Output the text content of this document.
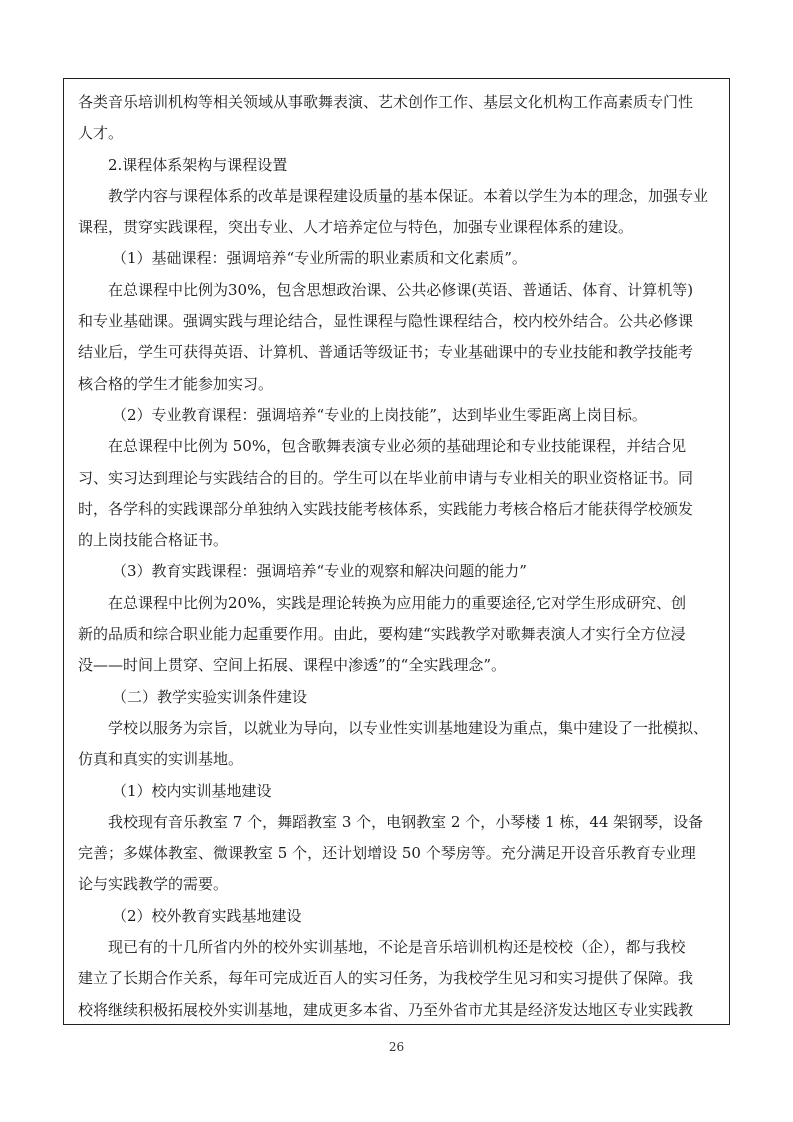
各类音乐培训机构等相关领域从事歌舞表演、艺术创作工作、基层文化机构工作高素质专门性
人才。
2.课程体系架构与课程设置
教学内容与课程体系的改革是课程建设质量的基本保证。本着以学生为本的理念，加强专业
课程，贯穿实践课程，突出专业、人才培养定位与特色，加强专业课程体系的建设。
（1）基础课程：强调培养“专业所需的职业素质和文化素质”。
在总课程中比例为30%，包含思想政治课、公共必修课(英语、普通话、体育、计算机等)
和专业基础课。强调实践与理论结合，显性课程与隐性课程结合，校内校外结合。公共必修课
结业后，学生可获得英语、计算机、普通话等级证书；专业基础课中的专业技能和教学技能考
核合格的学生才能参加实习。
（2）专业教育课程：强调培养“专业的上岗技能”，达到毕业生零距离上岗目标。
在总课程中比例为 50%，包含歌舞表演专业必须的基础理论和专业技能课程，并结合见
习、实习达到理论与实践结合的目的。学生可以在毕业前申请与专业相关的职业资格证书。同
时，各学科的实践课部分单独纳入实践技能考核体系，实践能力考核合格后才能获得学校颁发
的上岗技能合格证书。
（3）教育实践课程：强调培养“专业的观察和解决问题的能力”
在总课程中比例为20%，实践是理论转换为应用能力的重要途径,它对学生形成研究、创
新的品质和综合职业能力起重要作用。由此，要构建“实践教学对歌舞表演人才实行全方位浸
没——时间上贯穿、空间上拓展、课程中渗透”的“全实践理念”。
（二）教学实验实训条件建设
学校以服务为宗旨，以就业为导向，以专业性实训基地建设为重点，集中建设了一批模拟、
仿真和真实的实训基地。
（1）校内实训基地建设
我校现有音乐教室 7 个，舞蹈教室 3 个，电钢教室 2 个，小琴楼 1 栋，44 架钢琴，设备
完善；多媒体教室、微课教室 5 个，还计划增设 50 个琴房等。充分满足开设音乐教育专业理
论与实践教学的需要。
（2）校外教育实践基地建设
现已有的十几所省内外的校外实训基地，不论是音乐培训机构还是校校（企），都与我校
建立了长期合作关系，每年可完成近百人的实习任务，为我校学生见习和实习提供了保障。我
校将继续积极拓展校外实训基地，建成更多本省、乃至外省市尤其是经济发达地区专业实践教
26
